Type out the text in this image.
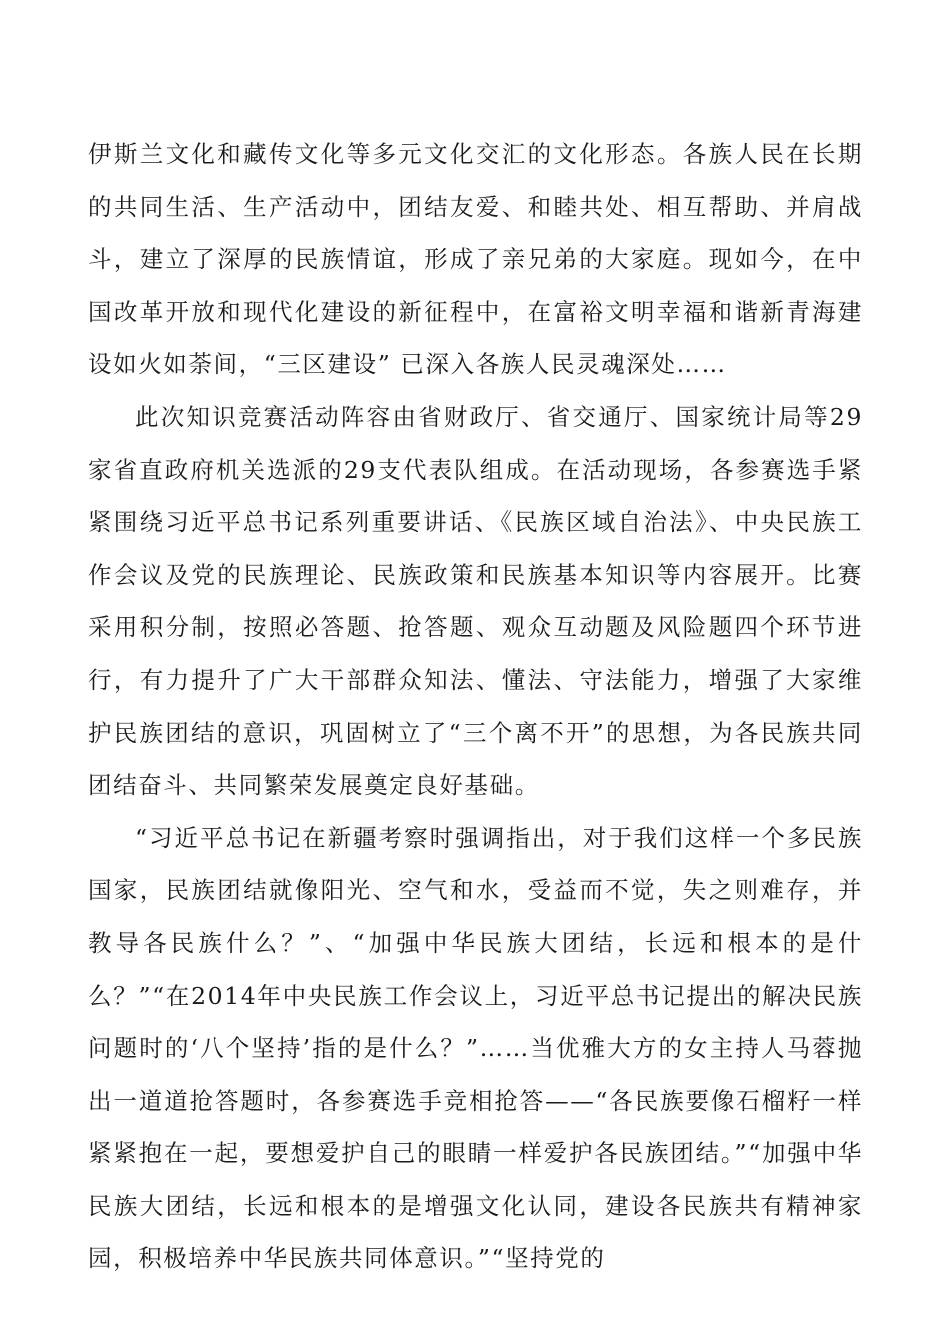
伊斯兰文化和藏传文化等多元文化交汇的文化形态。各族人民在长期的共同生活、生产活动中，团结友爱、和睦共处、相互帮助、并肩战斗，建立了深厚的民族情谊，形成了亲兄弟的大家庭。现如今，在中国改革开放和现代化建设的新征程中，在富裕文明幸福和谐新青海建设如火如荼间，“三区建设” 已深入各族人民灵魂深处……

此次知识竞赛活动阵容由省财政厅、省交通厅、国家统计局等29家省直政府机关选派的29支代表队组成。在活动现场，各参赛选手紧紧围绕习近平总书记系列重要讲话、《民族区域自治法》、中央民族工作会议及党的民族理论、民族政策和民族基本知识等内容展开。比赛采用积分制，按照必答题、抢答题、观众互动题及风险题四个环节进行，有力提升了广大干部群众知法、懂法、守法能力，增强了大家维护民族团结的意识，巩固树立了“三个离不开”的思想，为各民族共同团结奋斗、共同繁荣发展奠定良好基础。

“习近平总书记在新疆考察时强调指出，对于我们这样一个多民族国家，民族团结就像阳光、空气和水，受益而不觉，失之则难存，并教导各民族什么？”、“加强中华民族大团结，长远和根本的是什么？”“在2014年中央民族工作会议上，习近平总书记提出的解决民族问题时的‘八个坚持’指的是什么？”……当优雅大方的女主持人马蓉抛出一道道抢答题时，各参赛选手竞相抢答——“各民族要像石榴籽一样紧紧抱在一起，要想爱护自己的眼睛一样爱护各民族团结。”“加强中华民族大团结，长远和根本的是增强文化认同，建设各民族共有精神家园，积极培养中华民族共同体意识。”“坚持党的
